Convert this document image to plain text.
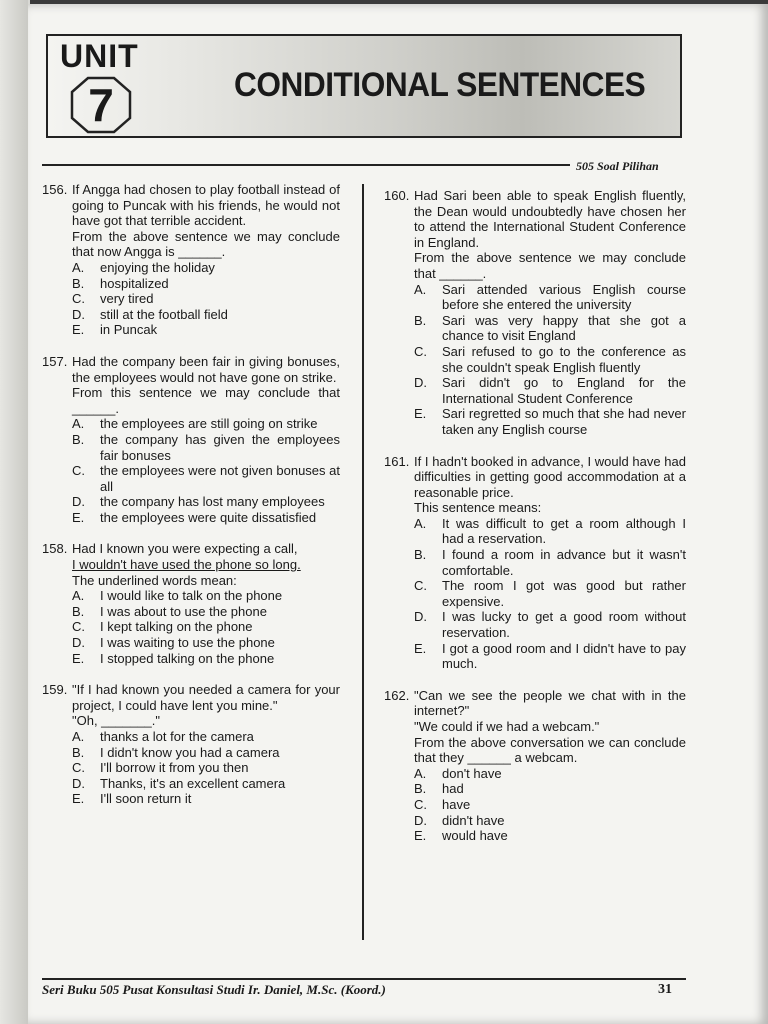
UNIT
7	CONDITIONAL SENTENCES
505 Soal Pilihan
156. If Angga had chosen to play football instead of going to Puncak with his friends, he would not have got that terrible accident.
From the above sentence we may conclude that now Angga is ______.
A.	enjoying the holiday
B.	hospitalized
C.	very tired
D.	still at the football field
E.	in Puncak
157. Had the company been fair in giving bonuses, the employees would not have gone on strike.
From this sentence we may conclude that ______.
A.	the employees are still going on strike
B.	the company has given the employees fair bonuses
C.	the employees were not given bonuses at all
D.	the company has lost many employees
E.	the employees were quite dissatisfied
158. Had I known you were expecting a call,
I wouldn't have used the phone so long.
The underlined words mean:
A.	I would like to talk on the phone
B.	I was about to use the phone
C.	I kept talking on the phone
D.	I was waiting to use the phone
E.	I stopped talking on the phone
159. "If I had known you needed a camera for your project, I could have lent you mine."
"Oh, _______."
A.	thanks a lot for the camera
B.	I didn't know you had a camera
C.	I'll borrow it from you then
D.	Thanks, it's an excellent camera
E.	I'll soon return it
160. Had Sari been able to speak English fluently, the Dean would undoubtedly have chosen her to attend the International Student Conference in England.
From the above sentence we may conclude that ______.
A.	Sari attended various English course before she entered the university
B.	Sari was very happy that she got a chance to visit England
C.	Sari refused to go to the conference as she couldn't speak English fluently
D.	Sari didn't go to England for the International Student Conference
E.	Sari regretted so much that she had never taken any English course
161. If I hadn't booked in advance, I would have had difficulties in getting good accommodation at a reasonable price.
This sentence means:
A.	It was difficult to get a room although I had a reservation.
B.	I found a room in advance but it wasn't comfortable.
C.	The room I got was good but rather expensive.
D.	I was lucky to get a good room without reservation.
E.	I got a good room and I didn't have to pay much.
162. "Can we see the people we chat with in the internet?"
"We could if we had a webcam."
From the above conversation we can conclude that they ______ a webcam.
A.	don't have
B.	had
C.	have
D.	didn't have
E.	would have
Seri Buku 505 Pusat Konsultasi Studi Ir. Daniel, M.Sc. (Koord.)	31
